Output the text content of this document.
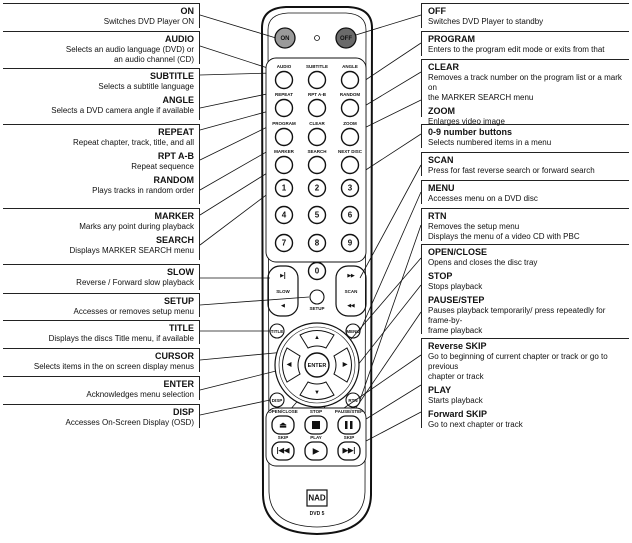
ON
Switches DVD Player ON
AUDIO
Selects an audio language (DVD) or
an audio channel (CD)
SUBTITLE
Selects a subtitle language
ANGLE
Selects a DVD camera angle if available
REPEAT
Repeat chapter, track, title, and all
RPT A-B
Repeat sequence
RANDOM
Plays tracks in random order
MARKER
Marks any point during playback
SEARCH
Displays MARKER SEARCH menu
SLOW
Reverse / Forward slow playback
SETUP
Accesses or removes setup menu
TITLE
Displays the discs Title menu, if available
CURSOR
Selects items in the on screen display menus
ENTER
Acknowledges menu selection
DISP
Accesses On-Screen Display (OSD)
OFF
Switches DVD Player to standby
PROGRAM
Enters to the program edit mode or exits from that
CLEAR
Removes a track number on the program list or a mark on
the MARKER SEARCH menu
ZOOM
Enlarges video image
0-9 number buttons
Selects numbered items in a menu
SCAN
Press for fast reverse search or forward search
MENU
Accesses menu on a DVD disc
RTN
Removes the setup menu
Displays the menu of a video CD with PBC
OPEN/CLOSE
Opens and closes the disc tray
STOP
Stops playback
PAUSE/STEP
Pauses playback temporarily/ press repeatedly for frame-by-
frame playback
Reverse SKIP
Go to beginning of current chapter or track or go to previous
chapter or track
PLAY
Starts playback
Forward SKIP
Go to next chapter or track
ON	OFF
AUDIO	SUBTITLE	ANGLE
REPEAT	RPT A-B	RANDOM
PROGRAM	CLEAR	ZOOM
MARKER	SEARCH	NEXT DISC
1	2	3
4	5	6
7	8	9
0
▸|
SLOW
◂
▸▸
SCAN
◂◂
SETUP
TITLE	MENU
▲
▼
◀	▶
ENTER
DISP	RTN
OPEN/CLOSE	STOP	PAUSE/STEP
⏏
SKIP	PLAY	SKIP
|◀◀	▶	▶▶|
NAD
DVD 5
